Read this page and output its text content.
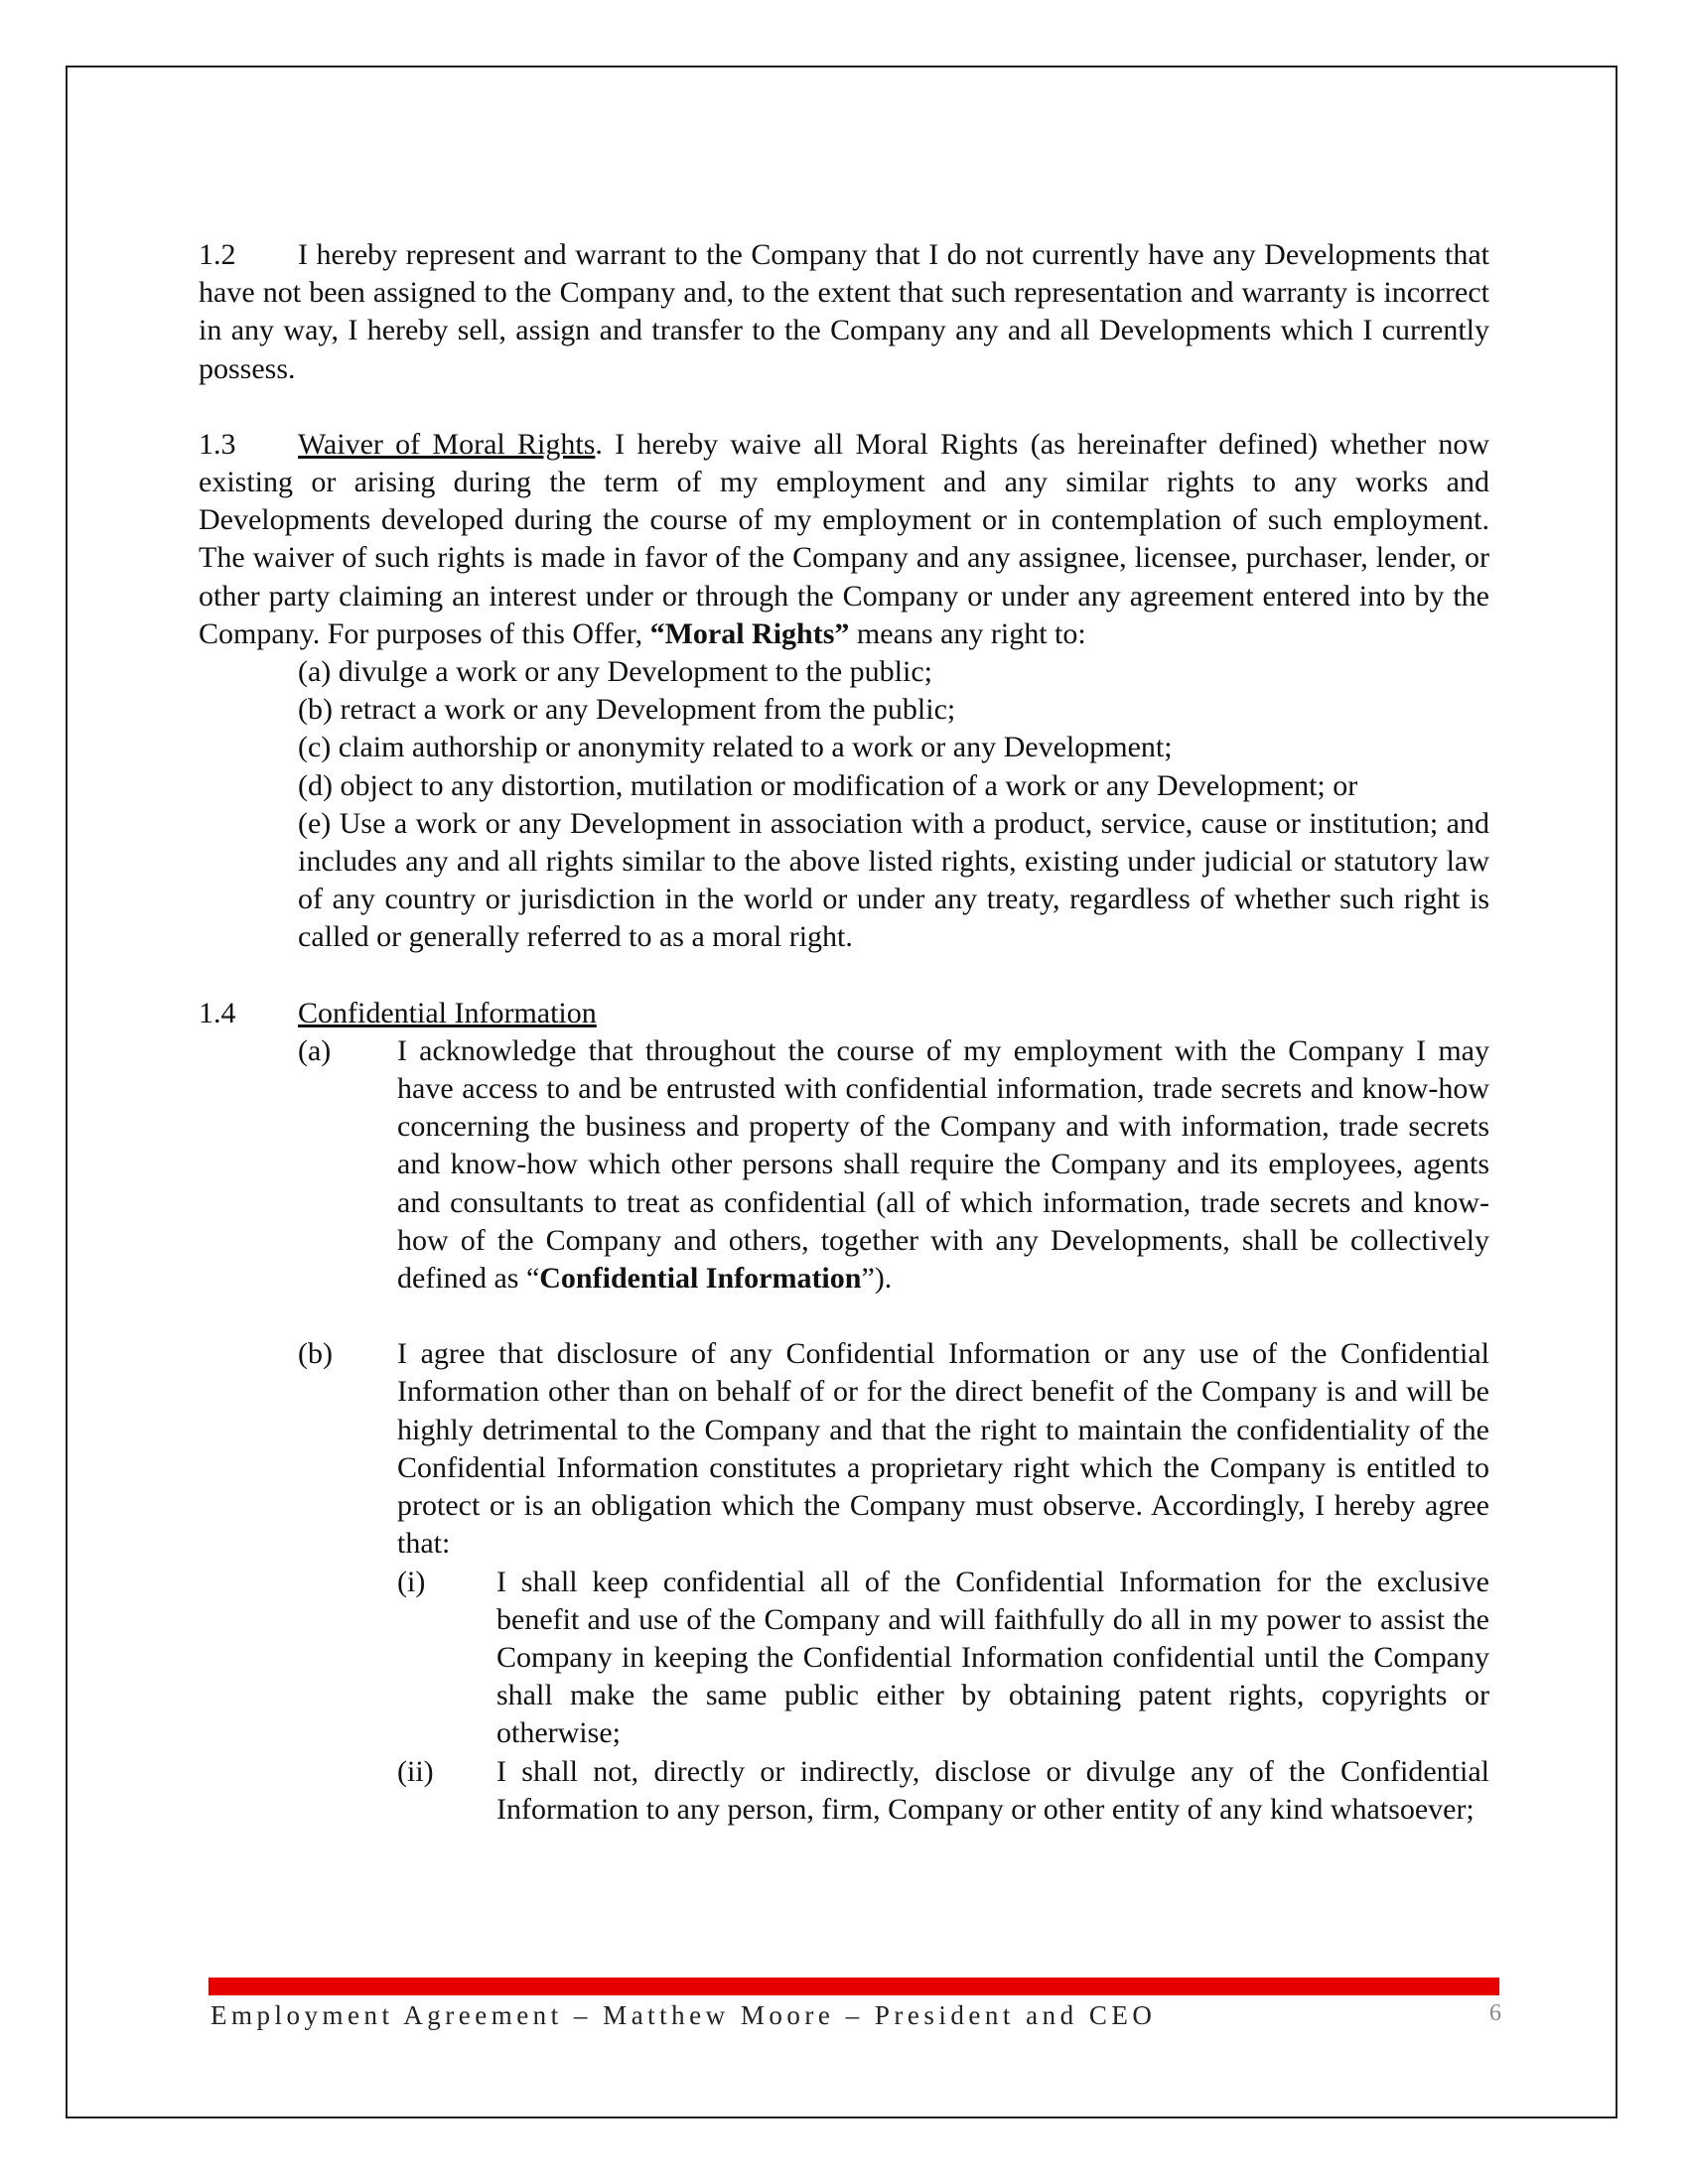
1.2 I hereby represent and warrant to the Company that I do not currently have any Developments that have not been assigned to the Company and, to the extent that such representation and warranty is incorrect in any way, I hereby sell, assign and transfer to the Company any and all Developments which I currently possess.

1.3 Waiver of Moral Rights. I hereby waive all Moral Rights (as hereinafter defined) whether now existing or arising during the term of my employment and any similar rights to any works and Developments developed during the course of my employment or in contemplation of such employment. The waiver of such rights is made in favor of the Company and any assignee, licensee, purchaser, lender, or other party claiming an interest under or through the Company or under any agreement entered into by the Company. For purposes of this Offer, “Moral Rights” means any right to:

(a) divulge a work or any Development to the public;

(b) retract a work or any Development from the public;

(c) claim authorship or anonymity related to a work or any Development;

(d) object to any distortion, mutilation or modification of a work or any Development; or

(e) Use a work or any Development in association with a product, service, cause or institution; and includes any and all rights similar to the above listed rights, existing under judicial or statutory law of any country or jurisdiction in the world or under any treaty, regardless of whether such right is called or generally referred to as a moral right.

1.4 Confidential Information

(a)	I acknowledge that throughout the course of my employment with the Company I may have access to and be entrusted with confidential information, trade secrets and know-how concerning the business and property of the Company and with information, trade secrets and know-how which other persons shall require the Company and its employees, agents and consultants to treat as confidential (all of which information, trade secrets and know-how of the Company and others, together with any Developments, shall be collectively defined as “Confidential Information”).
(b)	I agree that disclosure of any Confidential Information or any use of the Confidential Information other than on behalf of or for the direct benefit of the Company is and will be highly detrimental to the Company and that the right to maintain the confidentiality of the Confidential Information constitutes a proprietary right which the Company is entitled to protect or is an obligation which the Company must observe. Accordingly, I hereby agree that:
(i)	I shall keep confidential all of the Confidential Information for the exclusive benefit and use of the Company and will faithfully do all in my power to assist the Company in keeping the Confidential Information confidential until the Company shall make the same public either by obtaining patent rights, copyrights or otherwise;
(ii)	I shall not, directly or indirectly, disclose or divulge any of the Confidential Information to any person, firm, Company or other entity of any kind whatsoever;
Employment Agreement – Matthew Moore – President and CEO	6
